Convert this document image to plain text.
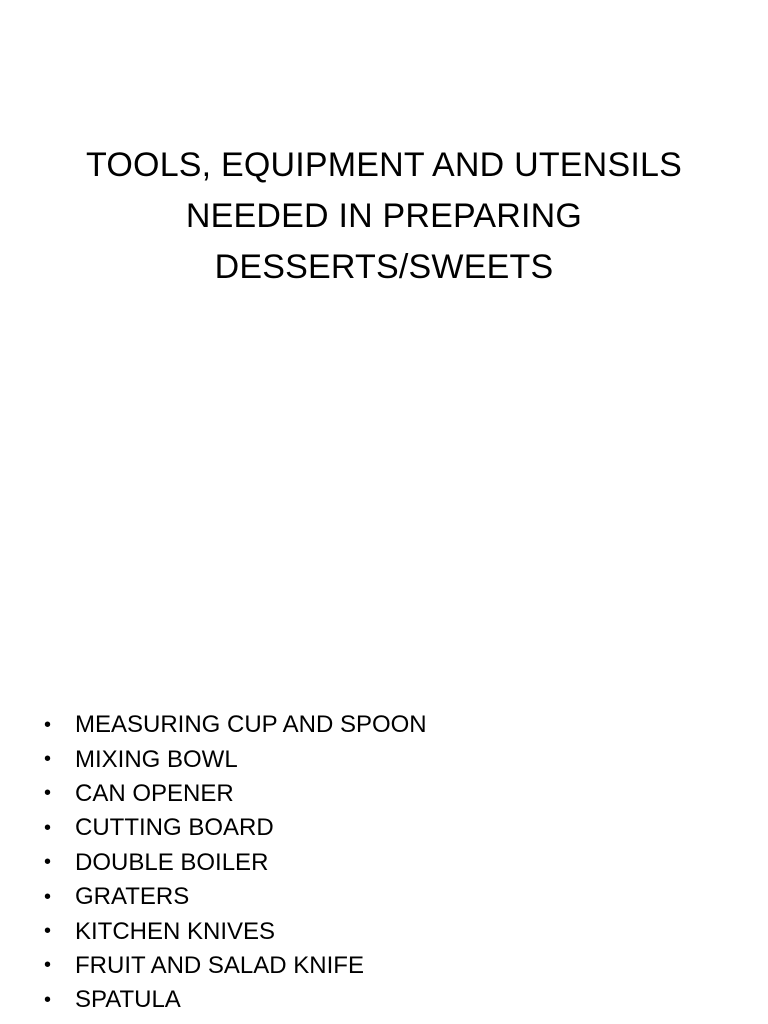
TOOLS, EQUIPMENT AND UTENSILS
NEEDED IN PREPARING
DESSERTS/SWEETS
• MEASURING CUP AND SPOON
• MIXING BOWL
• CAN OPENER
• CUTTING BOARD
• DOUBLE BOILER
• GRATERS
• KITCHEN KNIVES
• FRUIT AND SALAD KNIFE
• SPATULA
